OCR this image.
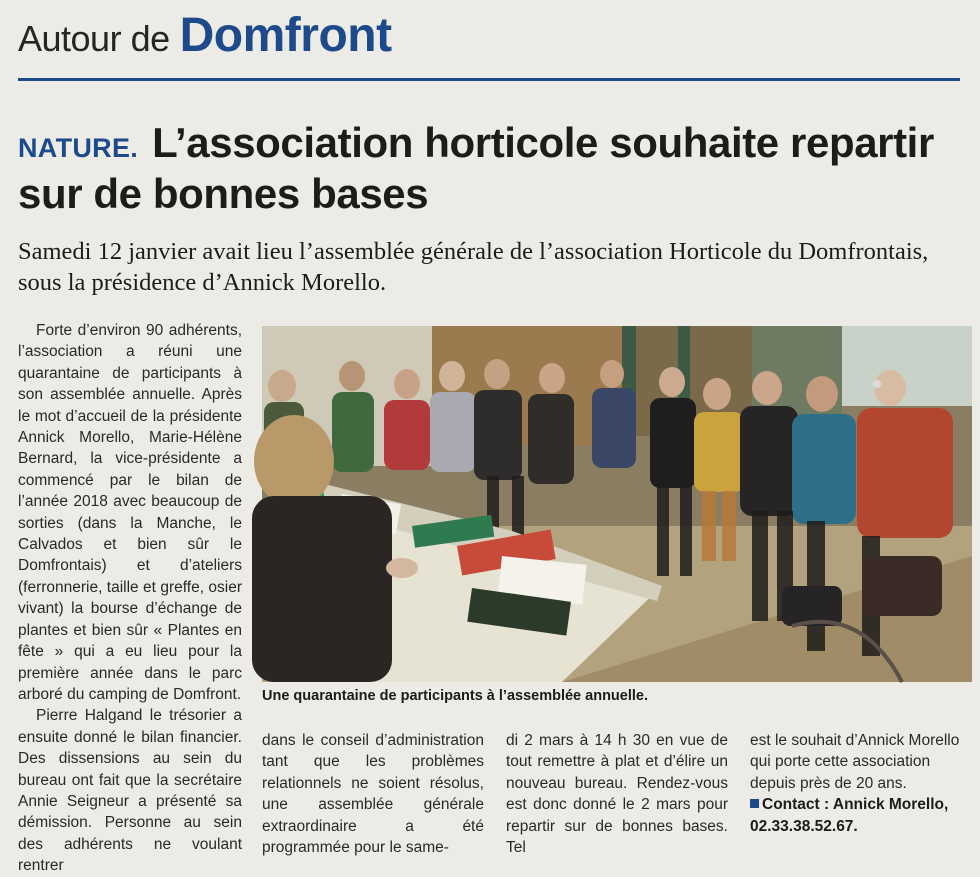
Autour de Domfront
NATURE. L’association horticole souhaite repartir sur de bonnes bases

Samedi 12 janvier avait lieu l’assemblée générale de l’association Horticole du Domfrontais, sous la présidence d’Annick Morello.

Forte d’environ 90 adhérents, l’association a réuni une quarantaine de participants à son assemblée annuelle. Après le mot d’accueil de la présidente Annick Morello, Marie-Hélène Bernard, la vice-présidente a commencé par le bilan de l’année 2018 avec beaucoup de sorties (dans la Manche, le Calvados et bien sûr le Domfrontais) et d’ateliers (ferronnerie, taille et greffe, osier vivant) la bourse d’échange de plantes et bien sûr « Plantes en fête » qui a eu lieu pour la première année dans le parc arboré du camping de Domfront.

Pierre Halgand le trésorier a ensuite donné le bilan financier. Des dissensions au sein du bureau ont fait que la secrétaire Annie Seigneur a présenté sa démission. Personne au sein des adhérents ne voulant rentrer

Une quarantaine de participants à l’assemblée annuelle.

dans le conseil d’administration tant que les problèmes relationnels ne soient résolus, une assemblée générale extraordinaire a été programmée pour le same-

di 2 mars à 14 h 30 en vue de tout remettre à plat et d’élire un nouveau bureau. Rendez-vous est donc donné le 2 mars pour repartir sur de bonnes bases. Tel

est le souhait d’Annick Morello qui porte cette association depuis près de 20 ans.

Contact : Annick Morello, 02.33.38.52.67.
